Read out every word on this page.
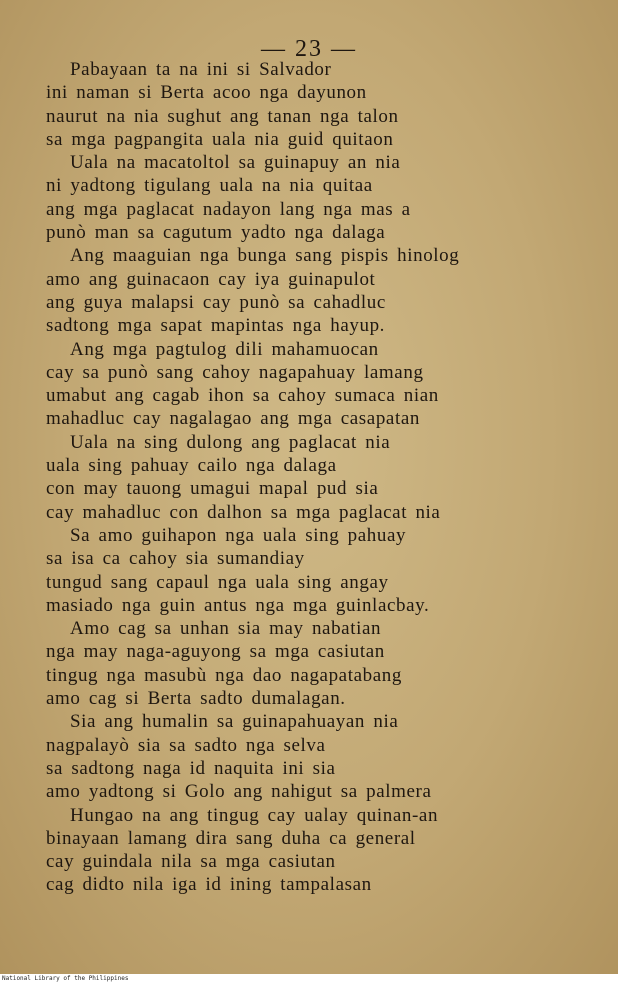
— 23 —
Pabayaan ta na ini si Salvador
ini naman si Berta acoo nga dayunon
naurut na nia sughut ang tanan nga talon
sa mga pagpangita uala nia guid quitaon
Uala na macatoltol sa guinapuy an nia
ni yadtong tigulang uala na nia quitaa
ang mga paglacat nadayon lang nga mas a
punò man sa cagutum yadto nga dalaga
Ang maaguian nga bunga sang pispis hinolog
amo ang guinacaon cay iya guinapulot
ang guya malapsi cay punò sa cahadluc
sadtong mga sapat mapintas nga hayup.
Ang mga pagtulog dili mahamuocan
cay sa punò sang cahoy nagapahuay lamang
umabut ang cagab ihon sa cahoy sumaca nian
mahadluc cay nagalagao ang mga casapatan
Uala na sing dulong ang paglacat nia
uala sing pahuay cailo nga dalaga
con may tauong umagui mapal pud sia
cay mahadluc con dalhon sa mga paglacat nia
Sa amo guihapon nga uala sing pahuay
sa isa ca cahoy sia sumandiay
tungud sang capaul nga uala sing angay
masiado nga guin antus nga mga guinlacbay.
Amo cag sa unhan sia may nabatian
nga may naga-aguyong sa mga casiutan
tingug nga masubù nga dao nagapatabang
amo cag si Berta sadto dumalagan.
Sia ang humalin sa guinapahuayan nia
nagpalayò sia sa sadto nga selva
sa sadtong naga id naquita ini sia
amo yadtong si Golo ang nahigut sa palmera
Hungao na ang tingug cay ualay quinan-an
binayaan lamang dira sang duha ca general
cay guindala nila sa mga casiutan
cag didto nila iga id ining tampalasan
National Library of the Philippines
